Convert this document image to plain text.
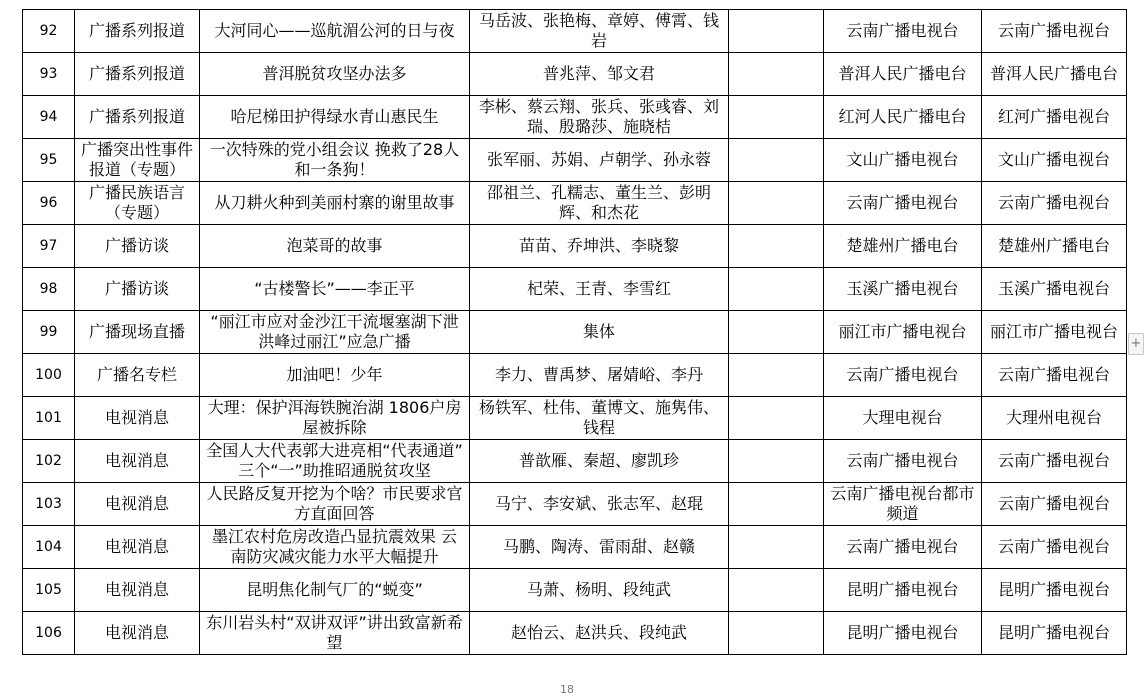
92	广播系列报道	大河同心——巡航湄公河的日与夜	马岳波、张艳梅、章婷、傅霄、钱岩		云南广播电视台	云南广播电视台
93	广播系列报道	普洱脱贫攻坚办法多	普兆萍、邹文君		普洱人民广播电台	普洱人民广播电台
94	广播系列报道	哈尼梯田护得绿水青山惠民生	李彬、蔡云翔、张兵、张彧睿、刘瑞、殷璐莎、施晓桔		红河人民广播电台	红河广播电视台
95	广播突出性事件报道（专题）	一次特殊的党小组会议 挽救了28人和一条狗！	张军丽、苏娟、卢朝学、孙永蓉		文山广播电视台	文山广播电视台
96	广播民族语言（专题）	从刀耕火种到美丽村寨的谢里故事	邵祖兰、孔糯志、董生兰、彭明辉、和杰花		云南广播电视台	云南广播电视台
97	广播访谈	泡菜哥的故事	苗苗、乔坤洪、李晓黎		楚雄州广播电台	楚雄州广播电台
98	广播访谈	“古楼警长”——李正平	杞荣、王青、李雪红		玉溪广播电视台	玉溪广播电视台
99	广播现场直播	“丽江市应对金沙江干流堰塞湖下泄洪峰过丽江”应急广播	集体		丽江市广播电视台	丽江市广播电视台
100	广播名专栏	加油吧！少年	李力、曹禹梦、屠婧峪、李丹		云南广播电视台	云南广播电视台
101	电视消息	大理：保护洱海铁腕治湖 1806户房屋被拆除	杨铁军、杜伟、董博文、施隽伟、钱程		大理电视台	大理州电视台
102	电视消息	全国人大代表郭大进亮相“代表通道” 三个“一”助推昭通脱贫攻坚	普歆雁、秦超、廖凯珍		云南广播电视台	云南广播电视台
103	电视消息	人民路反复开挖为个啥？市民要求官方直面回答	马宁、李安斌、张志军、赵琨		云南广播电视台都市频道	云南广播电视台
104	电视消息	墨江农村危房改造凸显抗震效果 云南防灾减灾能力水平大幅提升	马鹏、陶涛、雷雨甜、赵赣		云南广播电视台	云南广播电视台
105	电视消息	昆明焦化制气厂的“蜕变”	马萧、杨明、段纯武		昆明广播电视台	昆明广播电视台
106	电视消息	东川岩头村“双讲双评”讲出致富新希望	赵怡云、赵洪兵、段纯武		昆明广播电视台	昆明广播电视台
18
+
